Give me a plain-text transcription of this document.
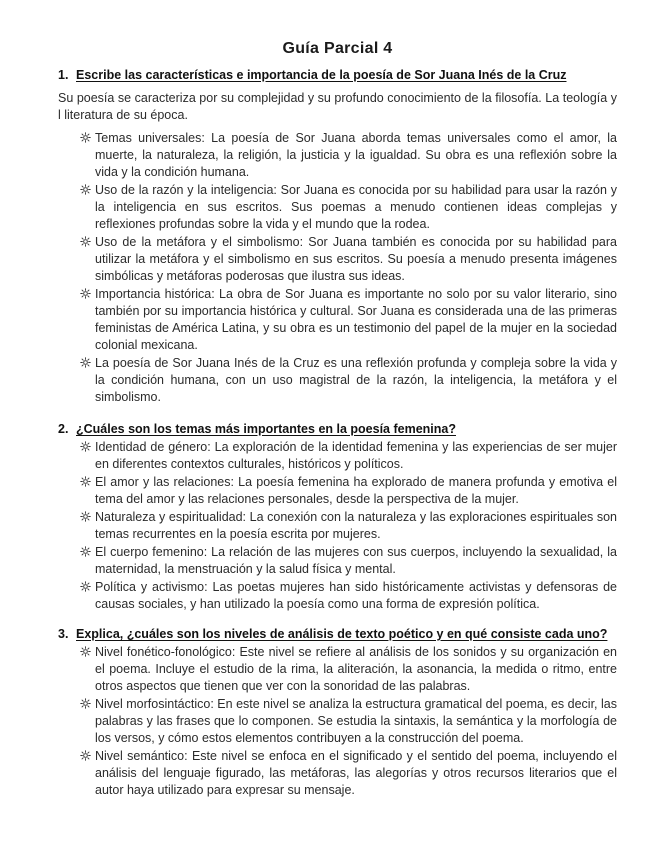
Guía Parcial 4
1. Escribe las características e importancia de la poesía de Sor Juana Inés de la Cruz

Su poesía se caracteriza por su complejidad y su profundo conocimiento de la filosofía. La teología y l literatura de su época.

Temas universales: La poesía de Sor Juana aborda temas universales como el amor, la muerte, la naturaleza, la religión, la justicia y la igualdad. Su obra es una reflexión sobre la vida y la condición humana.
Uso de la razón y la inteligencia: Sor Juana es conocida por su habilidad para usar la razón y la inteligencia en sus escritos. Sus poemas a menudo contienen ideas complejas y reflexiones profundas sobre la vida y el mundo que la rodea.
Uso de la metáfora y el simbolismo: Sor Juana también es conocida por su habilidad para utilizar la metáfora y el simbolismo en sus escritos. Su poesía a menudo presenta imágenes simbólicas y metáforas poderosas que ilustra sus ideas.
Importancia histórica: La obra de Sor Juana es importante no solo por su valor literario, sino también por su importancia histórica y cultural. Sor Juana es considerada una de las primeras feministas de América Latina, y su obra es un testimonio del papel de la mujer en la sociedad colonial mexicana.
La poesía de Sor Juana Inés de la Cruz es una reflexión profunda y compleja sobre la vida y la condición humana, con un uso magistral de la razón, la inteligencia, la metáfora y el simbolismo.
2. ¿Cuáles son los temas más importantes en la poesía femenina?
Identidad de género: La exploración de la identidad femenina y las experiencias de ser mujer en diferentes contextos culturales, históricos y políticos.
El amor y las relaciones: La poesía femenina ha explorado de manera profunda y emotiva el tema del amor y las relaciones personales, desde la perspectiva de la mujer.
Naturaleza y espiritualidad: La conexión con la naturaleza y las exploraciones espirituales son temas recurrentes en la poesía escrita por mujeres.
El cuerpo femenino: La relación de las mujeres con sus cuerpos, incluyendo la sexualidad, la maternidad, la menstruación y la salud física y mental.
Política y activismo: Las poetas mujeres han sido históricamente activistas y defensoras de causas sociales, y han utilizado la poesía como una forma de expresión política.
3. Explica, ¿cuáles son los niveles de análisis de texto poético y en qué consiste cada uno?
Nivel fonético-fonológico: Este nivel se refiere al análisis de los sonidos y su organización en el poema. Incluye el estudio de la rima, la aliteración, la asonancia, la medida o ritmo, entre otros aspectos que tienen que ver con la sonoridad de las palabras.
Nivel morfosintáctico: En este nivel se analiza la estructura gramatical del poema, es decir, las palabras y las frases que lo componen. Se estudia la sintaxis, la semántica y la morfología de los versos, y cómo estos elementos contribuyen a la construcción del poema.
Nivel semántico: Este nivel se enfoca en el significado y el sentido del poema, incluyendo el análisis del lenguaje figurado, las metáforas, las alegorías y otros recursos literarios que el autor haya utilizado para expresar su mensaje.
